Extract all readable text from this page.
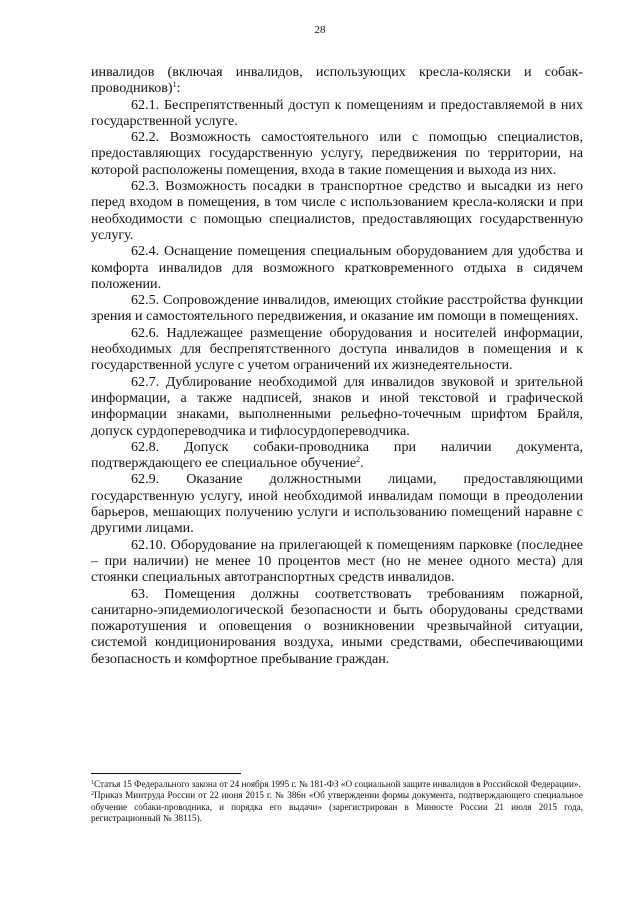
28

инвалидов (включая инвалидов, использующих кресла-коляски и собак-проводников)$^1$:

62.1. Беспрепятственный доступ к помещениям и предоставляемой в них государственной услуге.

62.2. Возможность самостоятельного или с помощью специалистов, предоставляющих государственную услугу, передвижения по территории, на которой расположены помещения, входа в такие помещения и выхода из них.

62.3. Возможность посадки в транспортное средство и высадки из него перед входом в помещения, в том числе с использованием кресла-коляски и при необходимости с помощью специалистов, предоставляющих государственную услугу.

62.4. Оснащение помещения специальным оборудованием для удобства и комфорта инвалидов для возможного кратковременного отдыха в сидячем положении.

62.5. Сопровождение инвалидов, имеющих стойкие расстройства функции зрения и самостоятельного передвижения, и оказание им помощи в помещениях.

62.6. Надлежащее размещение оборудования и носителей информации, необходимых для беспрепятственного доступа инвалидов в помещения и к государственной услуге с учетом ограничений их жизнедеятельности.

62.7. Дублирование необходимой для инвалидов звуковой и зрительной информации, а также надписей, знаков и иной текстовой и графической информации знаками, выполненными рельефно-точечным шрифтом Брайля, допуск сурдопереводчика и тифлосурдопереводчика.

62.8. Допуск собаки-проводника при наличии документа, подтверждающего ее специальное обучение$^2$.

62.9. Оказание должностными лицами, предоставляющими государственную услугу, иной необходимой инвалидам помощи в преодолении барьеров, мешающих получению услуги и использованию помещений наравне с другими лицами.

62.10. Оборудование на прилегающей к помещениям парковке (последнее – при наличии) не менее 10 процентов мест (но не менее одного места) для стоянки специальных автотранспортных средств инвалидов.

63. Помещения должны соответствовать требованиям пожарной, санитарно-эпидемиологической безопасности и быть оборудованы средствами пожаротушения и оповещения о возникновении чрезвычайной ситуации, системой кондиционирования воздуха, иными средствами, обеспечивающими безопасность и комфортное пребывание граждан.

$^1$Статья 15 Федерального закона от 24 ноября 1995 г. № 181-ФЗ «О социальной защите инвалидов в Российской Федерации».

$^2$Приказ Минтруда России от 22 июня 2015 г. № 386н «Об утверждении формы документа, подтверждающего специальное обучение собаки-проводника, и порядка его выдачи» (зарегистрирован в Минюсте России 21 июля 2015 года, регистрационный № 38115).
